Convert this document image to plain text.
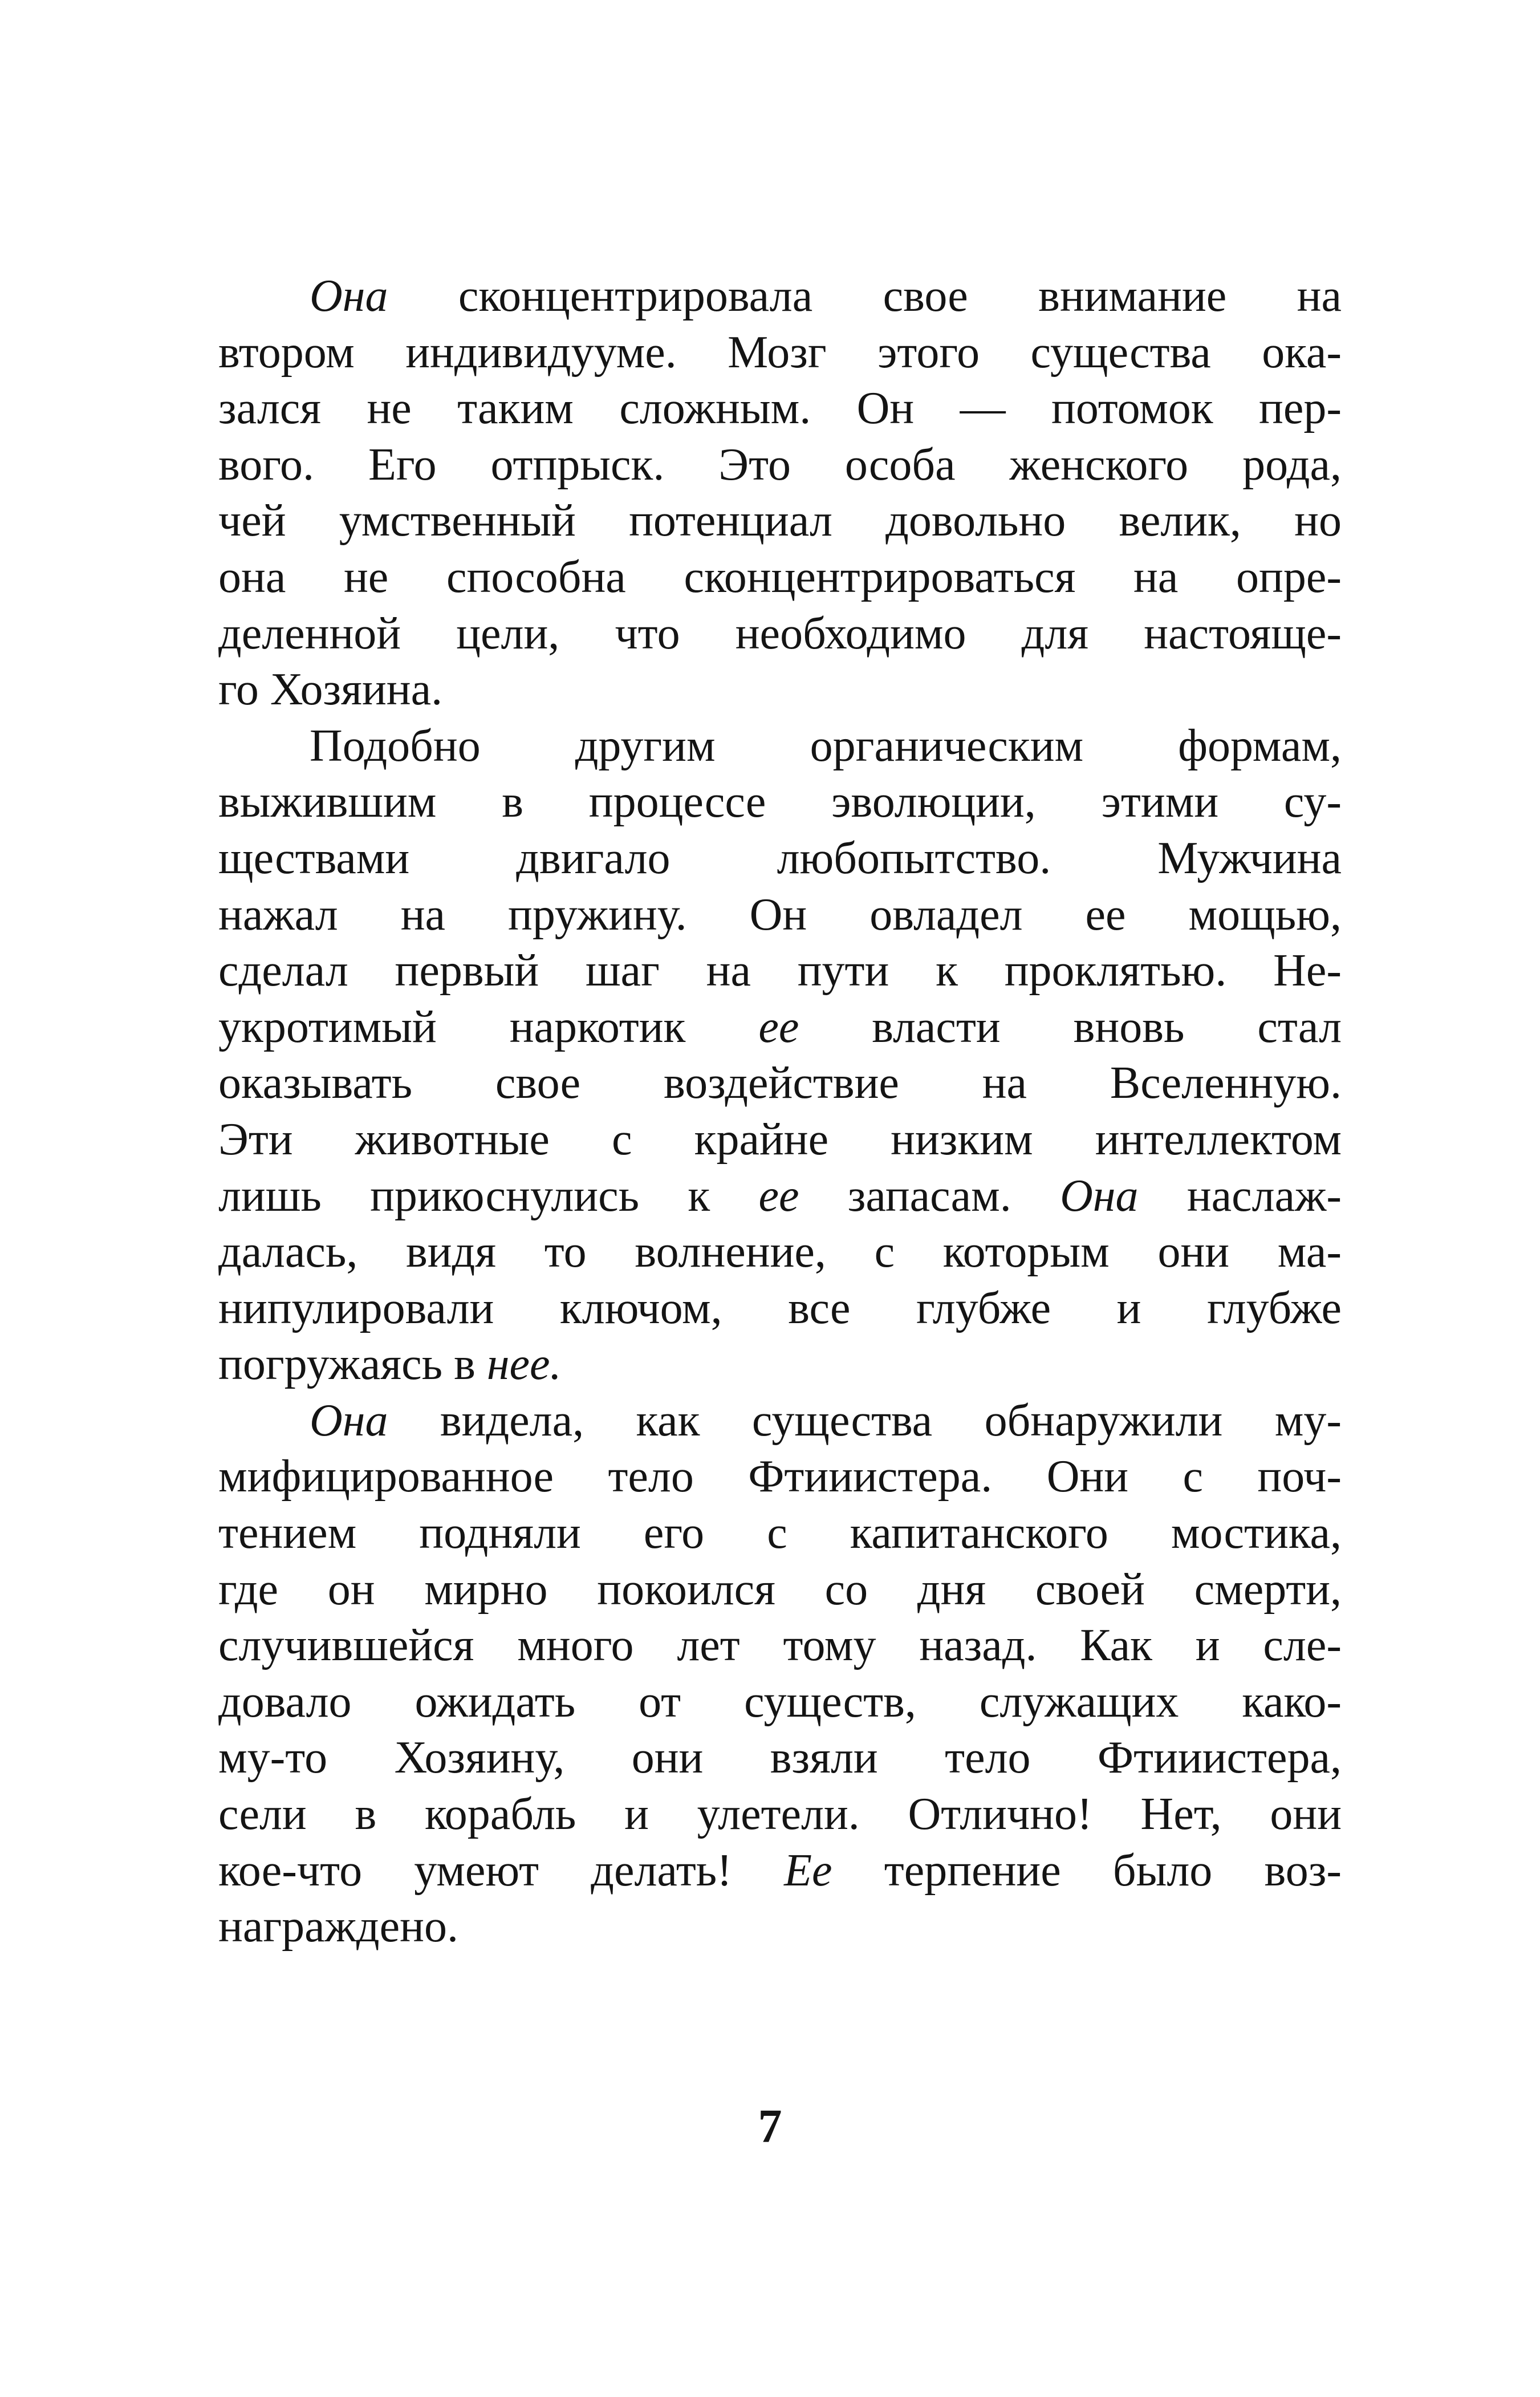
Она сконцентрировала свое внимание на
втором индивидууме. Мозг этого существа ока-
зался не таким сложным. Он — потомок пер-
вого. Его отпрыск. Это особа женского рода,
чей умственный потенциал довольно велик, но
она не способна сконцентрироваться на опре-
деленной цели, что необходимо для настояще-
го Хозяина.
Подобно другим органическим формам,
выжившим в процессе эволюции, этими су-
ществами двигало любопытство. Мужчина
нажал на пружину. Он овладел ее мощью,
сделал первый шаг на пути к проклятью. Не-
укротимый наркотик ее власти вновь стал
оказывать свое воздействие на Вселенную.
Эти животные с крайне низким интеллектом
лишь прикоснулись к ее запасам. Она наслаж-
далась, видя то волнение, с которым они ма-
нипулировали ключом, все глубже и глубже
погружаясь в нее.
Она видела, как существа обнаружили му-
мифицированное тело Фтииистера. Они с поч-
тением подняли его с капитанского мостика,
где он мирно покоился со дня своей смерти,
случившейся много лет тому назад. Как и сле-
довало ожидать от существ, служащих како-
му-то Хозяину, они взяли тело Фтииистера,
сели в корабль и улетели. Отлично! Нет, они
кое-что умеют делать! Ее терпение было воз-
награждено.
7
